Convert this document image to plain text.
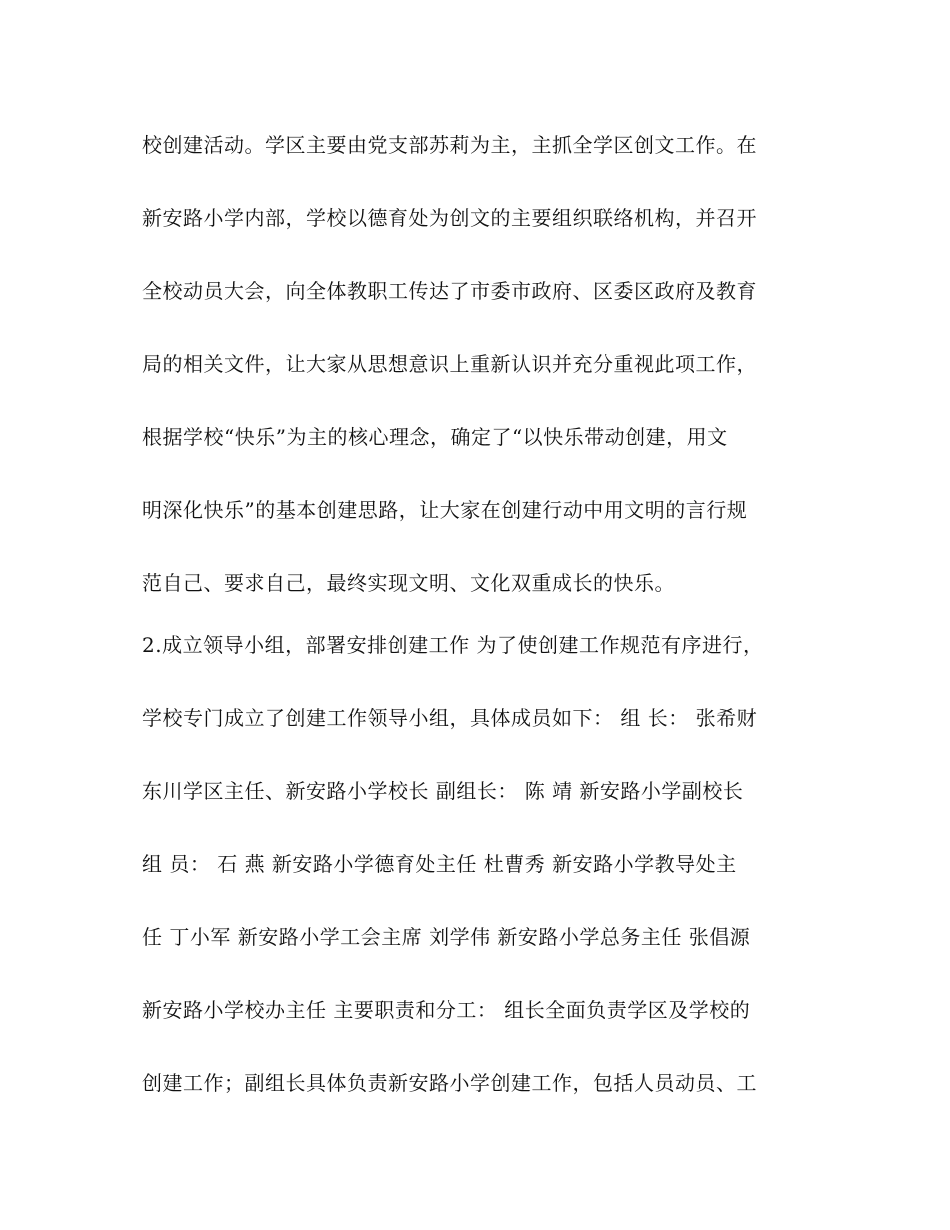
校创建活动。学区主要由党支部苏莉为主，主抓全学区创文工作。在
新安路小学内部，学校以德育处为创文的主要组织联络机构，并召开
全校动员大会，向全体教职工传达了市委市政府、区委区政府及教育
局的相关文件，让大家从思想意识上重新认识并充分重视此项工作，
根据学校“快乐”为主的核心理念，确定了“以快乐带动创建，用文
明深化快乐”的基本创建思路，让大家在创建行动中用文明的言行规
范自己、要求自己，最终实现文明、文化双重成长的快乐。
2.成立领导小组，部署安排创建工作 为了使创建工作规范有序进行，
学校专门成立了创建工作领导小组，具体成员如下： 组 长： 张希财
东川学区主任、新安路小学校长 副组长： 陈 靖 新安路小学副校长
组 员： 石 燕 新安路小学德育处主任 杜曹秀 新安路小学教导处主
任 丁小军 新安路小学工会主席 刘学伟 新安路小学总务主任 张倡源
新安路小学校办主任 主要职责和分工： 组长全面负责学区及学校的
创建工作；副组长具体负责新安路小学创建工作，包括人员动员、工
